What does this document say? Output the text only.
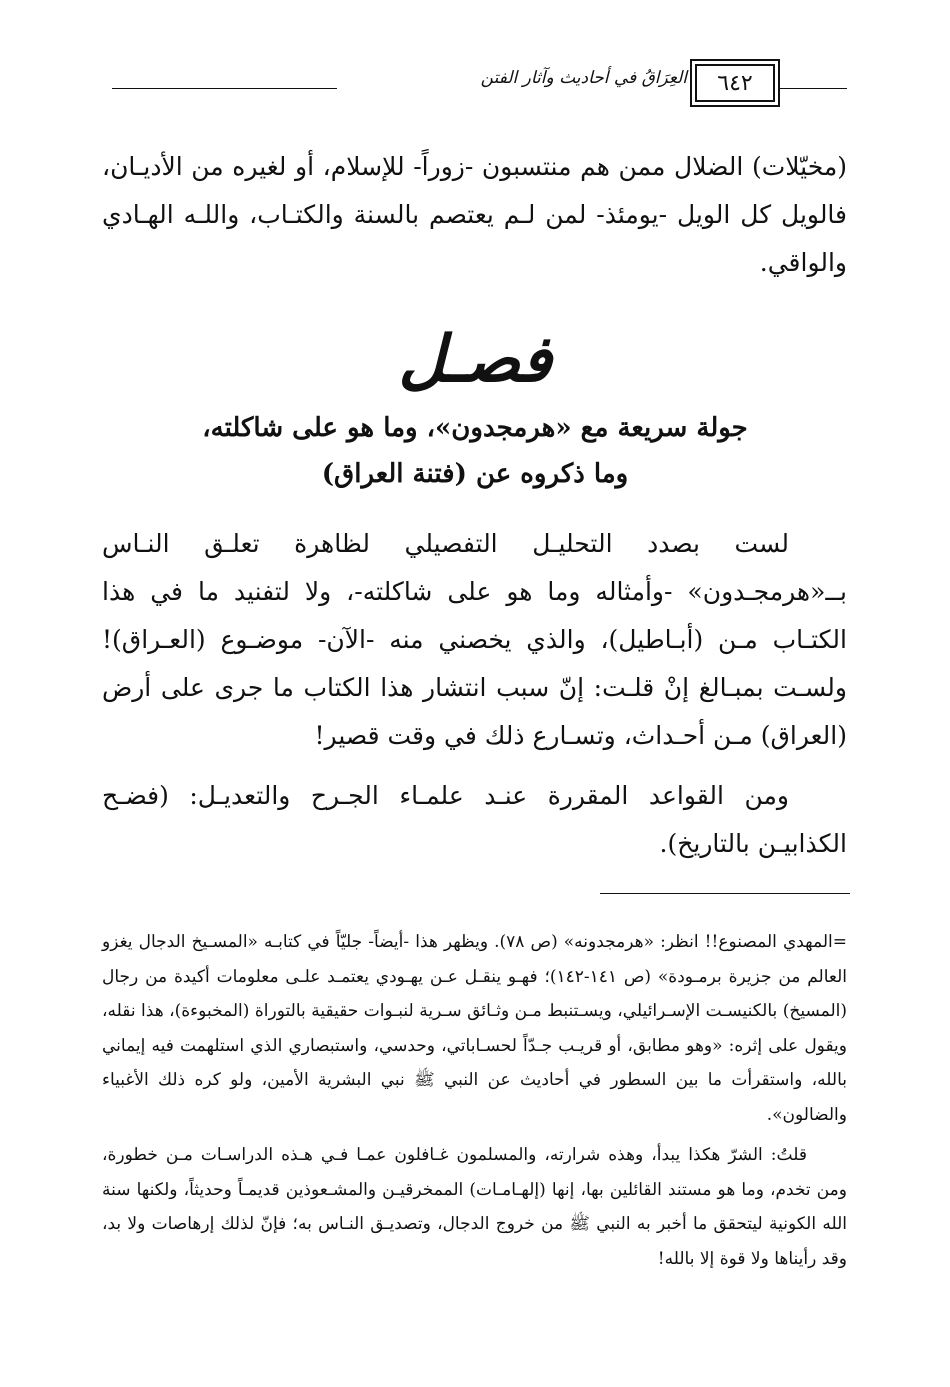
٦٤٢
العِرَاقُ في أحاديث وآثار الفتن

(مخيّلات) الضلال ممن هم منتسبون -زوراً- للإسلام، أو لغيره من الأديـان، فالويل كل الويل -يومئذ- لمن لـم يعتصم بالسنة والكتـاب، واللـه الهـادي والواقي.

فصـل
جولة سريعة مع «هرمجدون»، وما هو على شاكلته،
وما ذكروه عن (فتنة العراق)

لست بصدد التحليـل التفصيلي لظاهرة تعلـق النـاس بــ«هرمجـدون» -وأمثاله وما هو على شاكلته-، ولا لتفنيد ما في هذا الكتـاب مـن (أبـاطيل)، والذي يخصني منه -الآن- موضـوع (العـراق)! ولسـت بمبـالغ إنْ قلـت: إنّ سبب انتشار هذا الكتاب ما جرى على أرض (العراق) مـن أحـداث، وتسـارع ذلك في وقت قصير!

ومن القواعد المقررة عنـد علمـاء الجـرح والتعديـل: (فضـح الكذابيـن بالتاريخ).

=المهدي المصنوع!! انظر: «هرمجدونه» (ص ٧٨). ويظهر هذا -أيضاً- جليّاً في كتابـه «المسـيخ الدجال يغزو العالم من جزيرة برمـودة» (ص ١٤١-١٤٢)؛ فهـو ينقـل عـن يهـودي يعتمـد علـى معلومات أكيدة من رجال (المسيخ) بالكنيسـت الإسـرائيلي، ويسـتنبط مـن وثـائق سـرية لنبـوات حقيقية بالتوراة (المخبوءة)، هذا نقله، ويقول على إثره: «وهو مطابق، أو قريـب جـدّاً لحسـاباتي، وحدسي، واستبصاري الذي استلهمت فيه إيماني بالله، واستقرأت ما بين السطور في أحاديث عن النبي ﷺ نبي البشرية الأمين، ولو كره ذلك الأغبياء والضالون».

قلتُ: الشرّ هكذا يبدأ، وهذه شرارته، والمسلمون غـافلون عمـا فـي هـذه الدراسـات مـن خطورة، ومن تخدم، وما هو مستند القائلين بها، إنها (إلهـامـات) الممخرقيـن والمشـعوذين قديمـاً وحديثاً، ولكنها سنة الله الكونية ليتحقق ما أخبر به النبي ﷺ من خروج الدجال، وتصديـق النـاس به؛ فإنّ لذلك إرهاصات ولا بد، وقد رأيناها ولا قوة إلا بالله!
